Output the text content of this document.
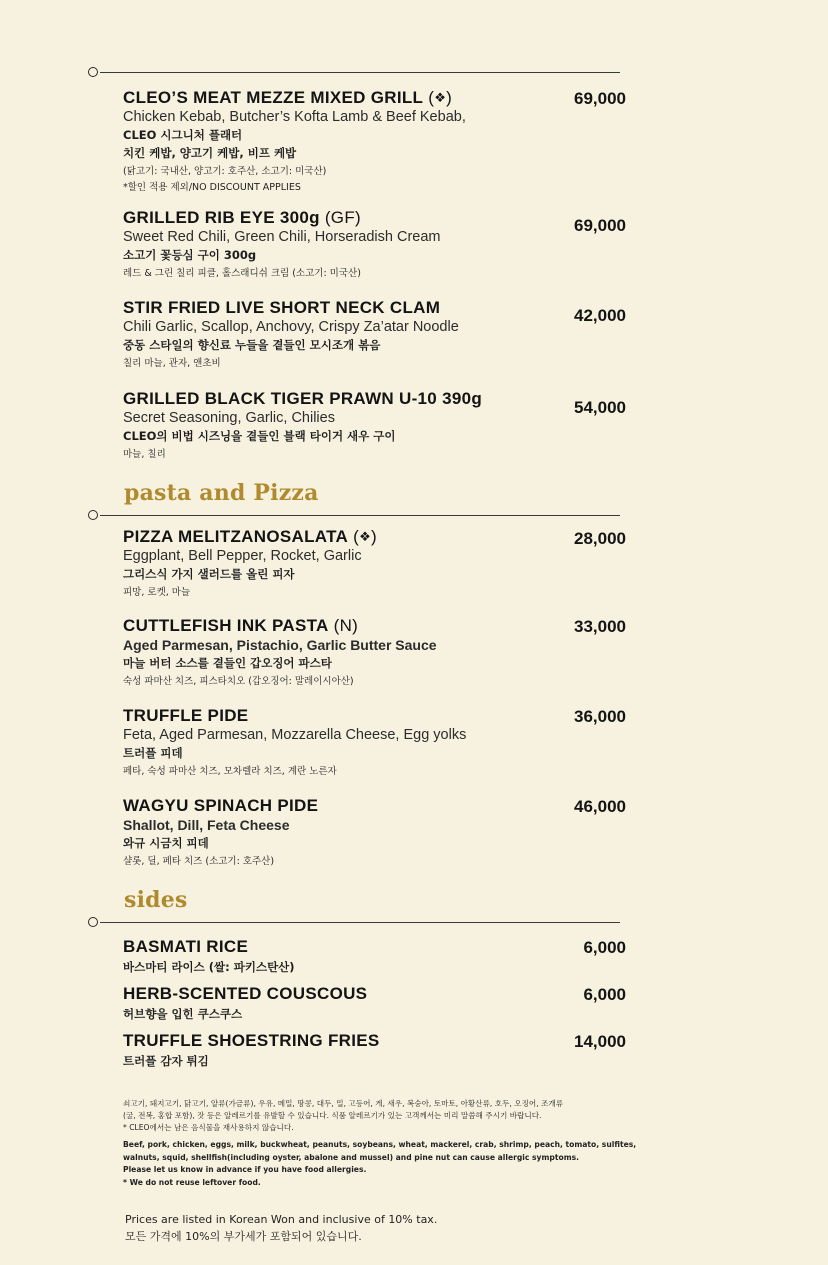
CLEO’S MEAT MEZZE MIXED GRILL (❖)	69,000
Chicken Kebab, Butcher’s Kofta Lamb & Beef Kebab,
CLEO 시그니처 플래터
치킨 케밥, 양고기 케밥, 비프 케밥
(닭고기: 국내산, 양고기: 호주산, 소고기: 미국산)
*할인 적용 제외/NO DISCOUNT APPLIES
GRILLED RIB EYE 300g (GF)	69,000
Sweet Red Chili, Green Chili, Horseradish Cream
소고기 꽃등심 구이 300g
레드 & 그린 칠리 피클, 홀스래디쉬 크림 (소고기: 미국산)
STIR FRIED LIVE SHORT NECK CLAM	42,000
Chili Garlic, Scallop, Anchovy, Crispy Za’atar Noodle
중동 스타일의 향신료 누들을 곁들인 모시조개 볶음
칠리 마늘, 관자, 앤초비
GRILLED BLACK TIGER PRAWN U-10 390g	54,000
Secret Seasoning, Garlic, Chilies
CLEO의 비법 시즈닝을 곁들인 블랙 타이거 새우 구이
마늘, 칠리
pasta and Pizza
PIZZA MELITZANOSALATA (❖)	28,000
Eggplant, Bell Pepper, Rocket, Garlic
그리스식 가지 샐러드를 올린 피자
피망, 로켓, 마늘
CUTTLEFISH INK PASTA (N)	33,000
Aged Parmesan, Pistachio, Garlic Butter Sauce
마늘 버터 소스를 곁들인 갑오징어 파스타
숙성 파마산 치즈, 피스타치오 (갑오징어: 말레이시아산)
TRUFFLE PIDE	36,000
Feta, Aged Parmesan, Mozzarella Cheese, Egg yolks
트러플 피데
페타, 숙성 파마산 치즈, 모차렐라 치즈, 계란 노른자
WAGYU SPINACH PIDE	46,000
Shallot, Dill, Feta Cheese
와규 시금치 피데
샬롯, 딜, 페타 치즈 (소고기: 호주산)
sides
BASMATI RICE	6,000
바스마티 라이스 (쌀: 파키스탄산)
HERB-SCENTED COUSCOUS	6,000
허브향을 입힌 쿠스쿠스
TRUFFLE SHOESTRING FRIES	14,000
트러플 감자 튀김
쇠고기, 돼지고기, 닭고기, 알류(가금류), 우유, 메밀, 땅콩, 대두, 밀, 고등어, 게, 새우, 복숭아, 토마토, 아황산류, 호두, 오징어, 조개류
(굴, 전복, 홍합 포함), 잣 등은 알레르기를 유발할 수 있습니다. 식품 알레르기가 있는 고객께서는 미리 말씀해 주시기 바랍니다.
* CLEO에서는 남은 음식물을 재사용하지 않습니다.
Beef, pork, chicken, eggs, milk, buckwheat, peanuts, soybeans, wheat, mackerel, crab, shrimp, peach, tomato, sulfites,
walnuts, squid, shellfish(including oyster, abalone and mussel) and pine nut can cause allergic symptoms.
Please let us know in advance if you have food allergies.
* We do not reuse leftover food.
Prices are listed in Korean Won and inclusive of 10% tax.
모든 가격에 10%의 부가세가 포함되어 있습니다.
